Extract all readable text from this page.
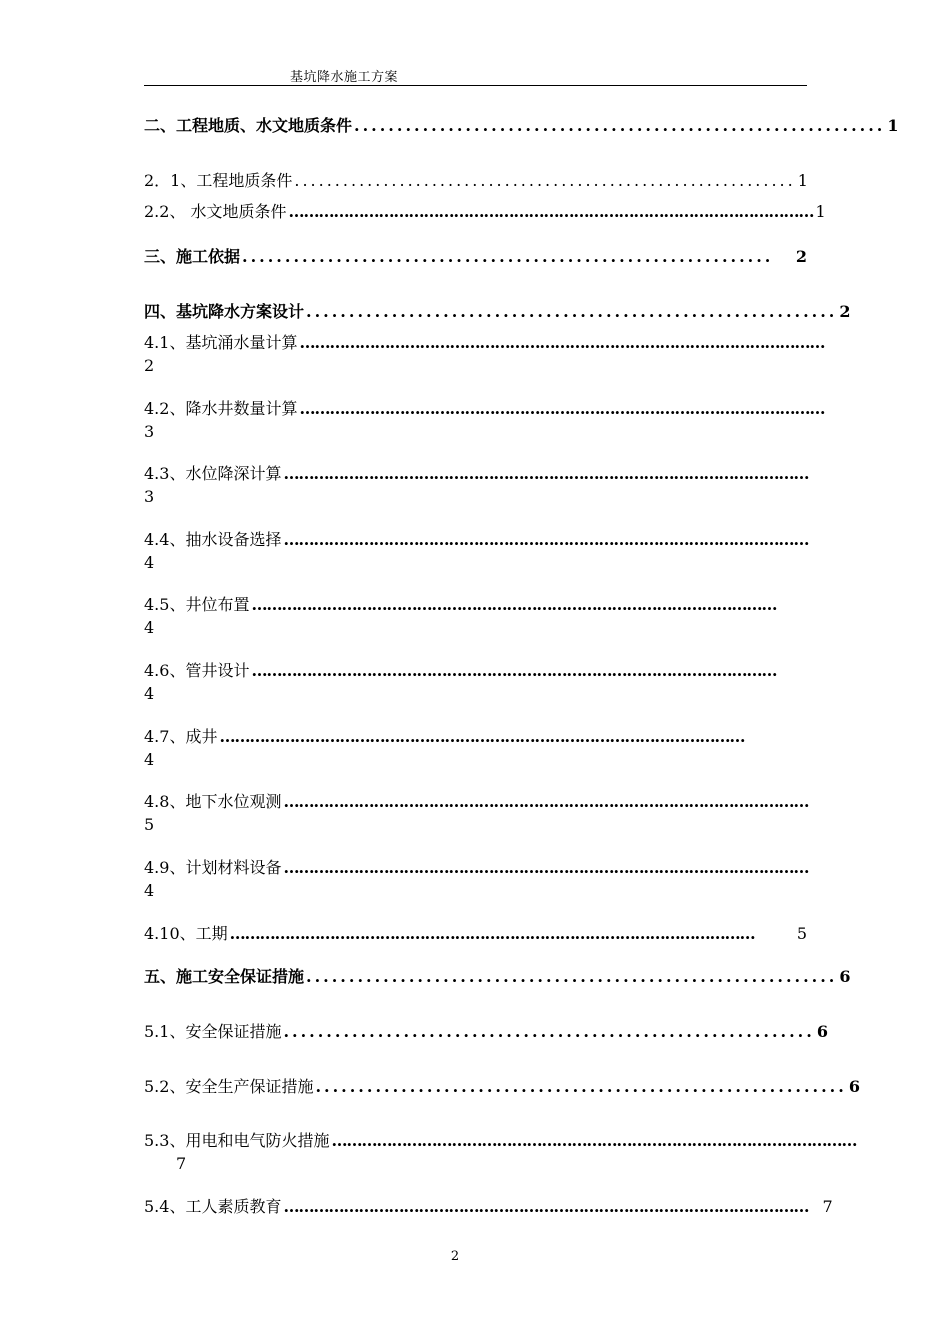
基坑降水施工方案
二、工程地质、水文地质条件 .............................................................. 1
2．1、工程地质条件 .............................................................. 1
2.2、 水文地质条件 …………………………………………………………………………………………… 1
三、施工依据 ..............................................................	2
四、基坑降水方案设计 .............................................................. 2
4.1、基坑涌水量计算 ……………………………………………………………………………………………
2
4.2、降水井数量计算 ……………………………………………………………………………………………
3
4.3、水位降深计算 ……………………………………………………………………………………………
3
4.4、抽水设备选择 ……………………………………………………………………………………………
4
4.5、井位布置 ……………………………………………………………………………………………
4
4.6、管井设计 ……………………………………………………………………………………………
4
4.7、成井 ……………………………………………………………………………………………
4
4.8、地下水位观测 ……………………………………………………………………………………………
5
4.9、计划材料设备 ……………………………………………………………………………………………
4
4.10、工期 ……………………………………………………………………………………………	5
五、施工安全保证措施 .............................................................. 6
5.1、安全保证措施 .............................................................. 6
5.2、安全生产保证措施 .............................................................. 6
5.3、用电和电气防火措施 ……………………………………………………………………………………………
7
5.4、工人素质教育 …………………………………………………………………………………………… 7
2
